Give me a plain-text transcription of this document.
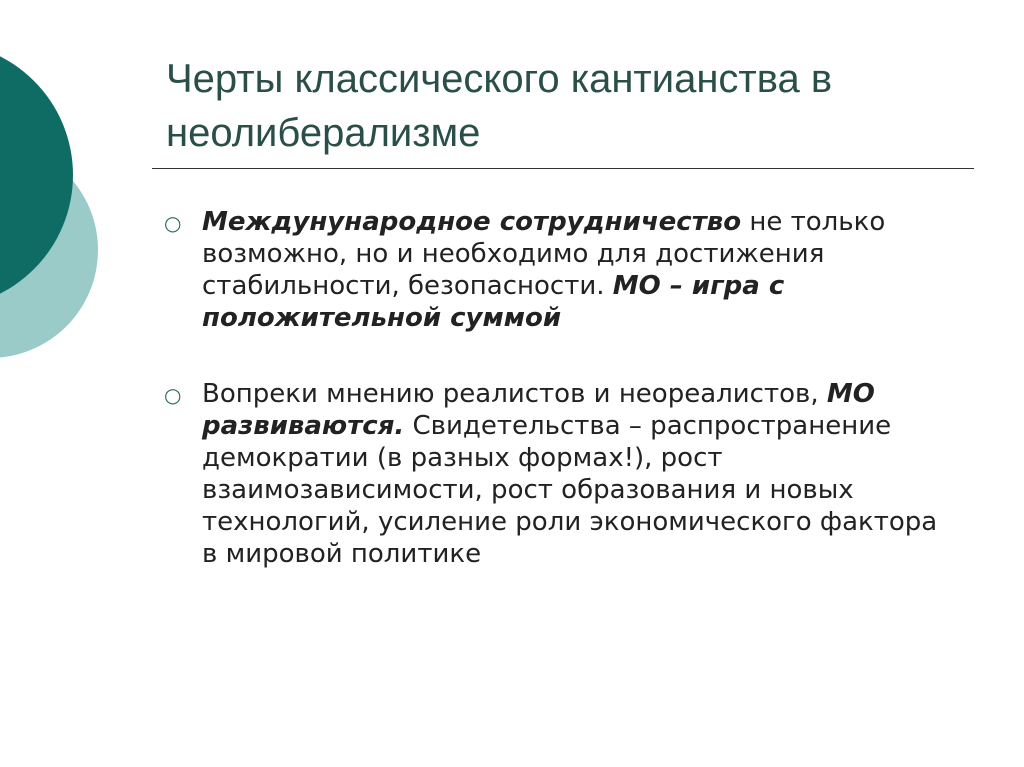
Черты классического кантианства в неолиберализме
○ Междунународное сотрудничество не только возможно, но и необходимо для достижения стабильности, безопасности. МО – игра с положительной суммой
○ Вопреки мнению реалистов и неореалистов, МО развиваются. Свидетельства – распространение демократии (в разных формах!), рост взаимозависимости, рост образования и новых технологий, усиление роли экономического фактора в мировой политике
